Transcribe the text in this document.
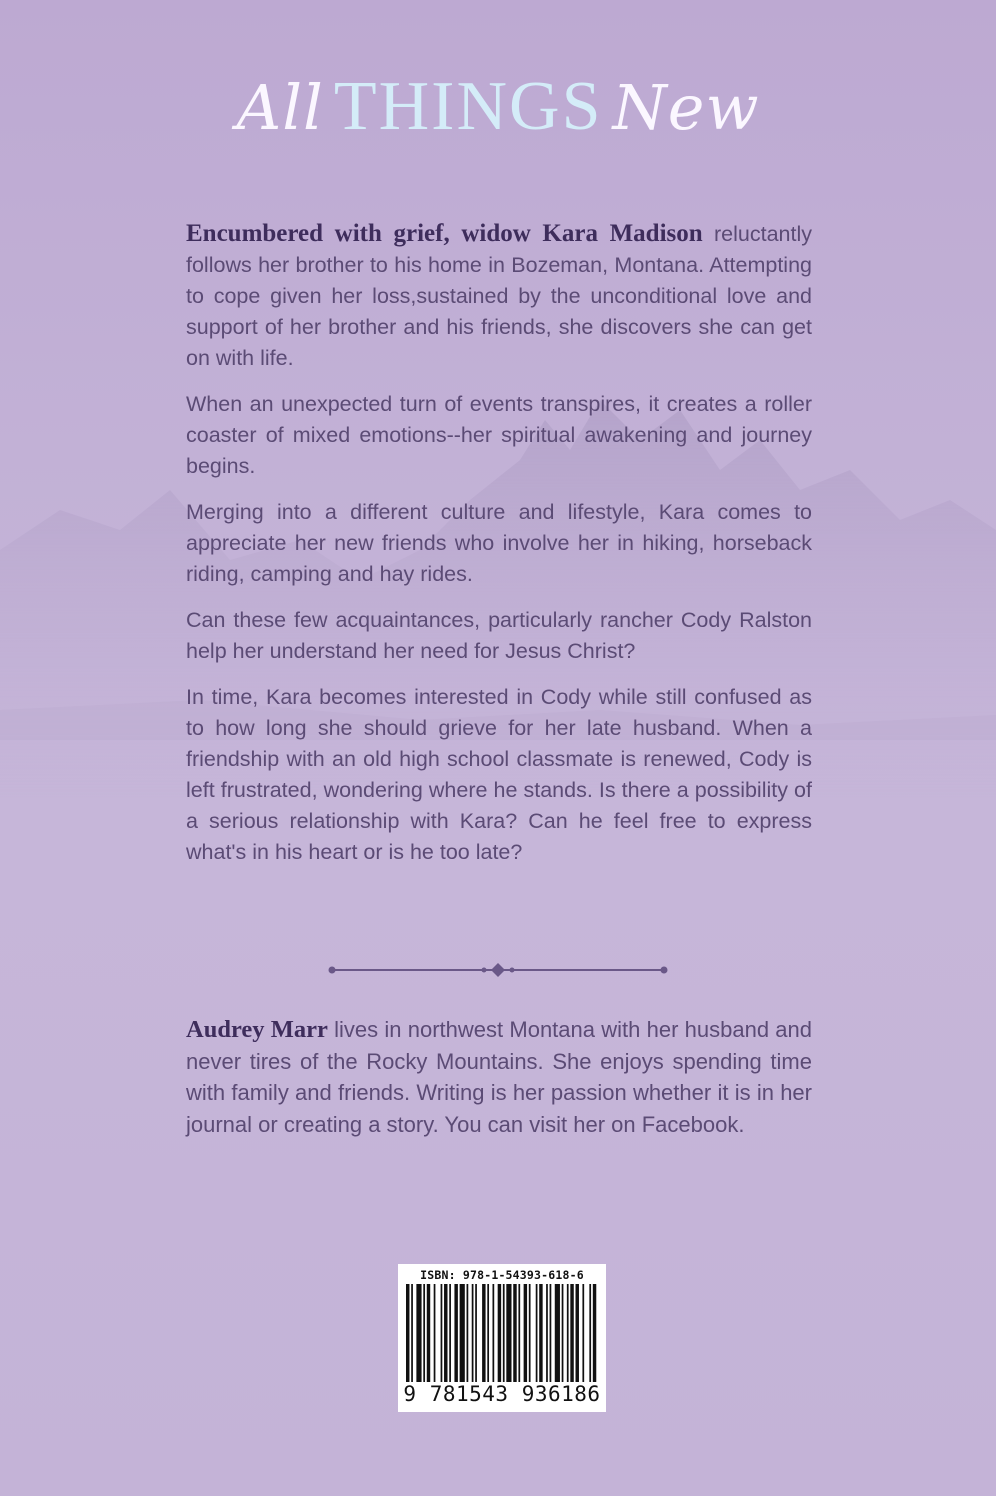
All THINGS New

Encumbered with grief, widow Kara Madison reluctantly follows her brother to his home in Bozeman, Montana. Attempting to cope given her loss,sustained by the unconditional love and support of her brother and his friends, she discovers she can get on with life.

When an unexpected turn of events transpires, it creates a roller coaster of mixed emotions--her spiritual awakening and journey begins.

Merging into a different culture and lifestyle, Kara comes to appreciate her new friends who involve her in hiking, horseback riding, camping and hay rides.

Can these few acquaintances, particularly rancher Cody Ralston help her understand her need for Jesus Christ?

In time, Kara becomes interested in Cody while still confused as to how long she should grieve for her late husband. When a friendship with an old high school classmate is renewed, Cody is left frustrated, wondering where he stands. Is there a possibility of a serious relationship with Kara? Can he feel free to express what's in his heart or is he too late?

Audrey Marr lives in northwest Montana with her husband and never tires of the Rocky Mountains. She enjoys spending time with family and friends. Writing is her passion whether it is in her journal or creating a story. You can visit her on Facebook.

ISBN: 978-1-54393-618-6
9 781543 936186
